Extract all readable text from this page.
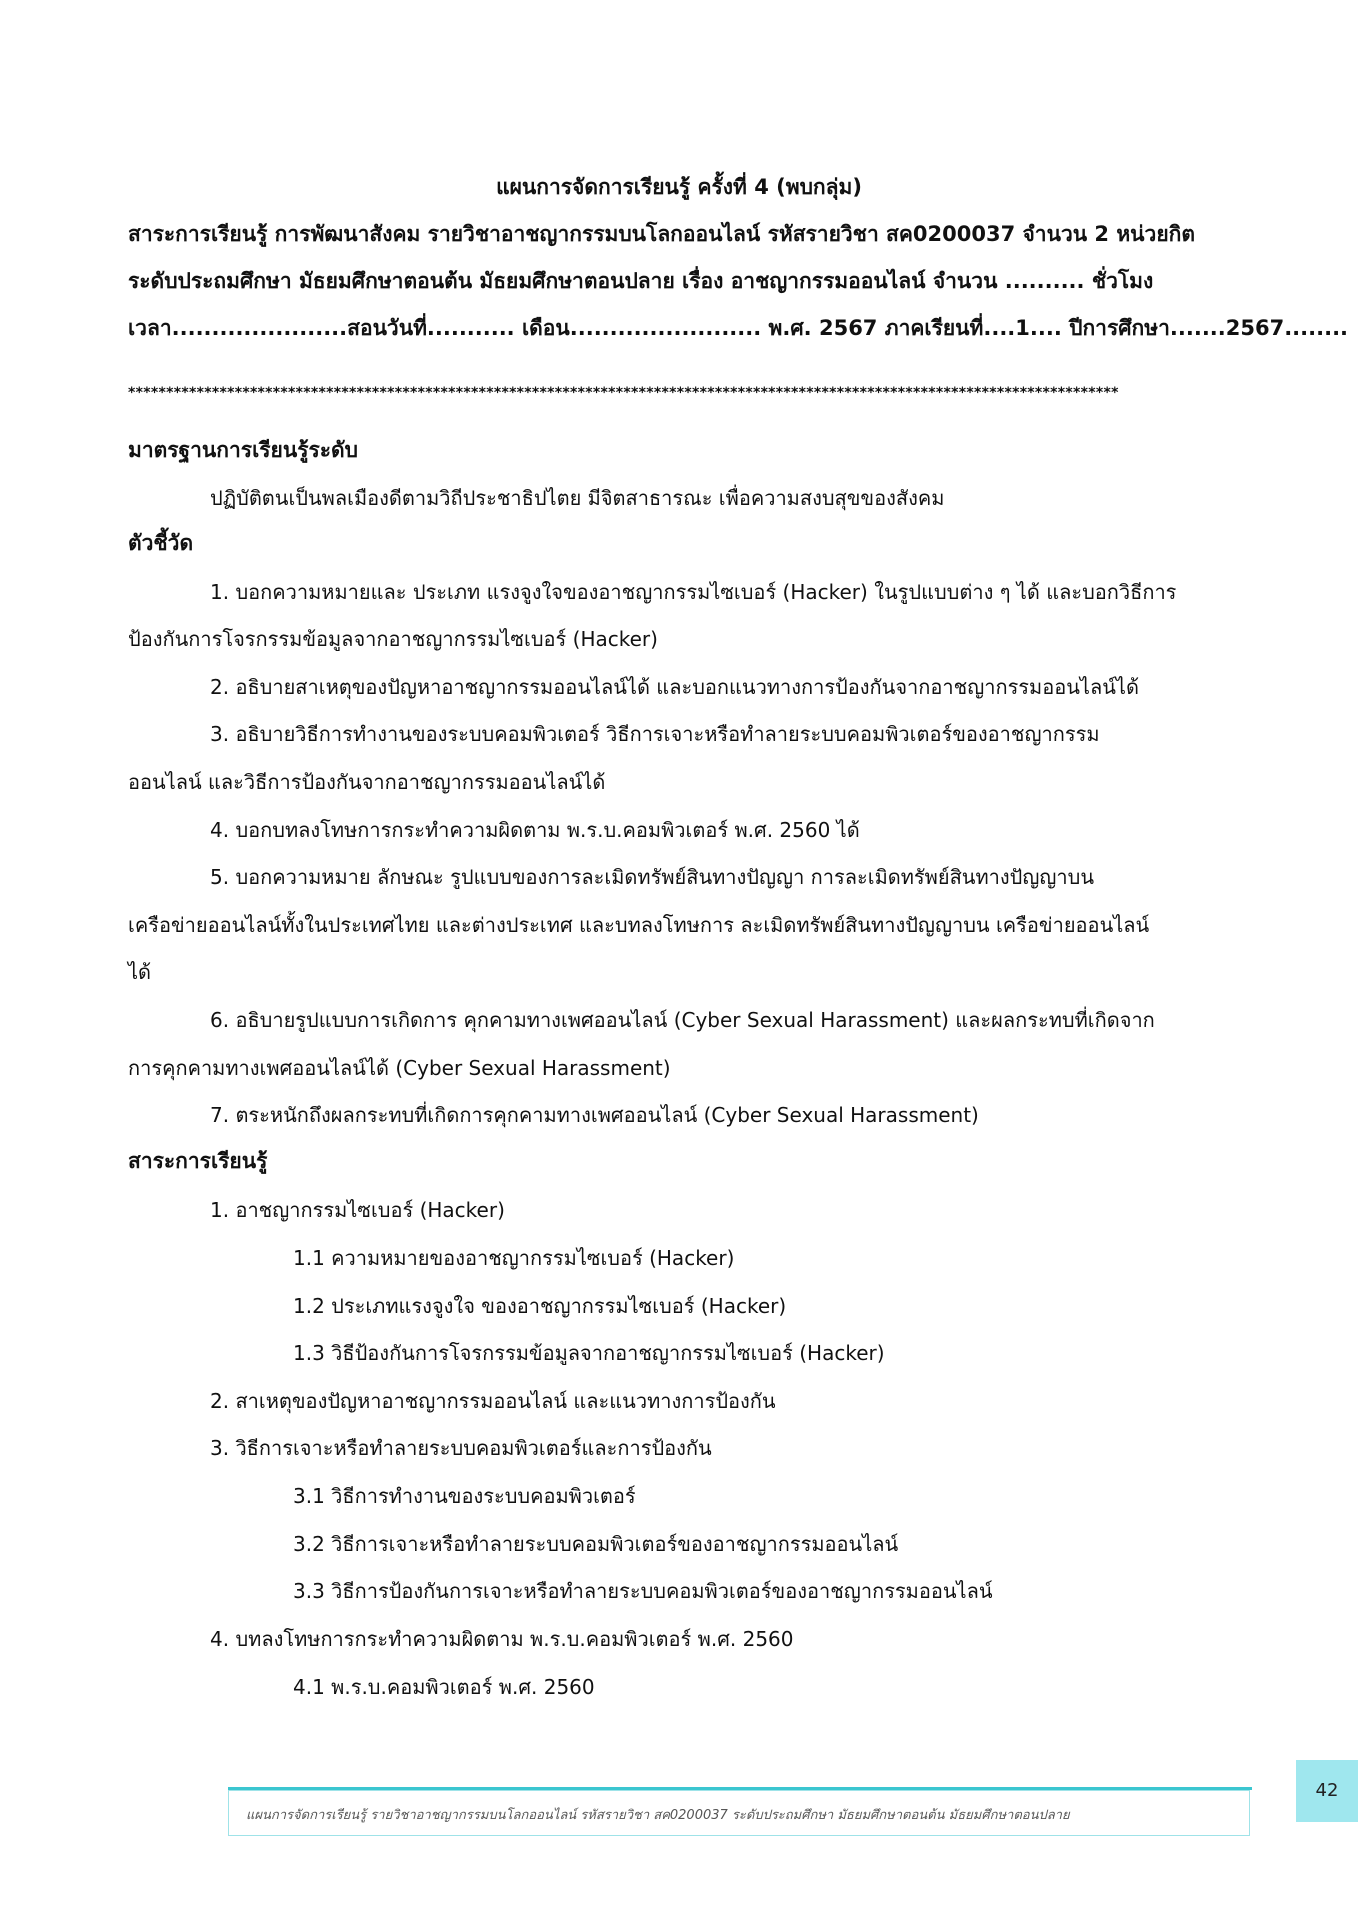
แผนการจัดการเรียนรู้ ครั้งที่ 4 (พบกลุ่ม)
สาระการเรียนรู้ การพัฒนาสังคม รายวิชาอาชญากรรมบนโลกออนไลน์ รหัสรายวิชา สค0200037 จำนวน 2 หน่วยกิต
ระดับประถมศึกษา มัธยมศึกษาตอนต้น มัธยมศึกษาตอนปลาย เรื่อง อาชญากรรมออนไลน์ จำนวน .......... ชั่วโมง
เวลา......................สอนวันที่........... เดือน........................ พ.ศ. 2567 ภาคเรียนที่....1.... ปีการศึกษา.......2567........
**********************************************************************************************************************************
มาตรฐานการเรียนรู้ระดับ
ปฏิบัติตนเป็นพลเมืองดีตามวิถีประชาธิปไตย มีจิตสาธารณะ เพื่อความสงบสุขของสังคม
ตัวชี้วัด
1. บอกความหมายและ ประเภท แรงจูงใจของอาชญากรรมไซเบอร์ (Hacker) ในรูปแบบต่าง ๆ ได้ และบอกวิธีการ
ป้องกันการโจรกรรมข้อมูลจากอาชญากรรมไซเบอร์ (Hacker)
2. อธิบายสาเหตุของปัญหาอาชญากรรมออนไลน์ได้ และบอกแนวทางการป้องกันจากอาชญากรรมออนไลน์ได้
3. อธิบายวิธีการทำงานของระบบคอมพิวเตอร์ วิธีการเจาะหรือทำลายระบบคอมพิวเตอร์ของอาชญากรรม
ออนไลน์ และวิธีการป้องกันจากอาชญากรรมออนไลน์ได้
4. บอกบทลงโทษการกระทำความผิดตาม พ.ร.บ.คอมพิวเตอร์ พ.ศ. 2560 ได้
5. บอกความหมาย ลักษณะ รูปแบบของการละเมิดทรัพย์สินทางปัญญา การละเมิดทรัพย์สินทางปัญญาบน
เครือข่ายออนไลน์ทั้งในประเทศไทย และต่างประเทศ และบทลงโทษการ ละเมิดทรัพย์สินทางปัญญาบน เครือข่ายออนไลน์
ได้
6. อธิบายรูปแบบการเกิดการ คุกคามทางเพศออนไลน์ (Cyber Sexual Harassment) และผลกระทบที่เกิดจาก
การคุกคามทางเพศออนไลน์ได้ (Cyber Sexual Harassment)
7. ตระหนักถึงผลกระทบที่เกิดการคุกคามทางเพศออนไลน์ (Cyber Sexual Harassment)
สาระการเรียนรู้
1. อาชญากรรมไซเบอร์ (Hacker)
1.1 ความหมายของอาชญากรรมไซเบอร์ (Hacker)
1.2 ประเภทแรงจูงใจ ของอาชญากรรมไซเบอร์ (Hacker)
1.3 วิธีป้องกันการโจรกรรมข้อมูลจากอาชญากรรมไซเบอร์ (Hacker)
2. สาเหตุของปัญหาอาชญากรรมออนไลน์ และแนวทางการป้องกัน
3. วิธีการเจาะหรือทำลายระบบคอมพิวเตอร์และการป้องกัน
3.1 วิธีการทำงานของระบบคอมพิวเตอร์
3.2 วิธีการเจาะหรือทำลายระบบคอมพิวเตอร์ของอาชญากรรมออนไลน์
3.3 วิธีการป้องกันการเจาะหรือทำลายระบบคอมพิวเตอร์ของอาชญากรรมออนไลน์
4. บทลงโทษการกระทำความผิดตาม พ.ร.บ.คอมพิวเตอร์ พ.ศ. 2560
4.1 พ.ร.บ.คอมพิวเตอร์ พ.ศ. 2560
แผนการจัดการเรียนรู้ รายวิชาอาชญากรรมบนโลกออนไลน์ รหัสรายวิชา สค0200037 ระดับประถมศึกษา มัธยมศึกษาตอนต้น มัธยมศึกษาตอนปลาย
42
